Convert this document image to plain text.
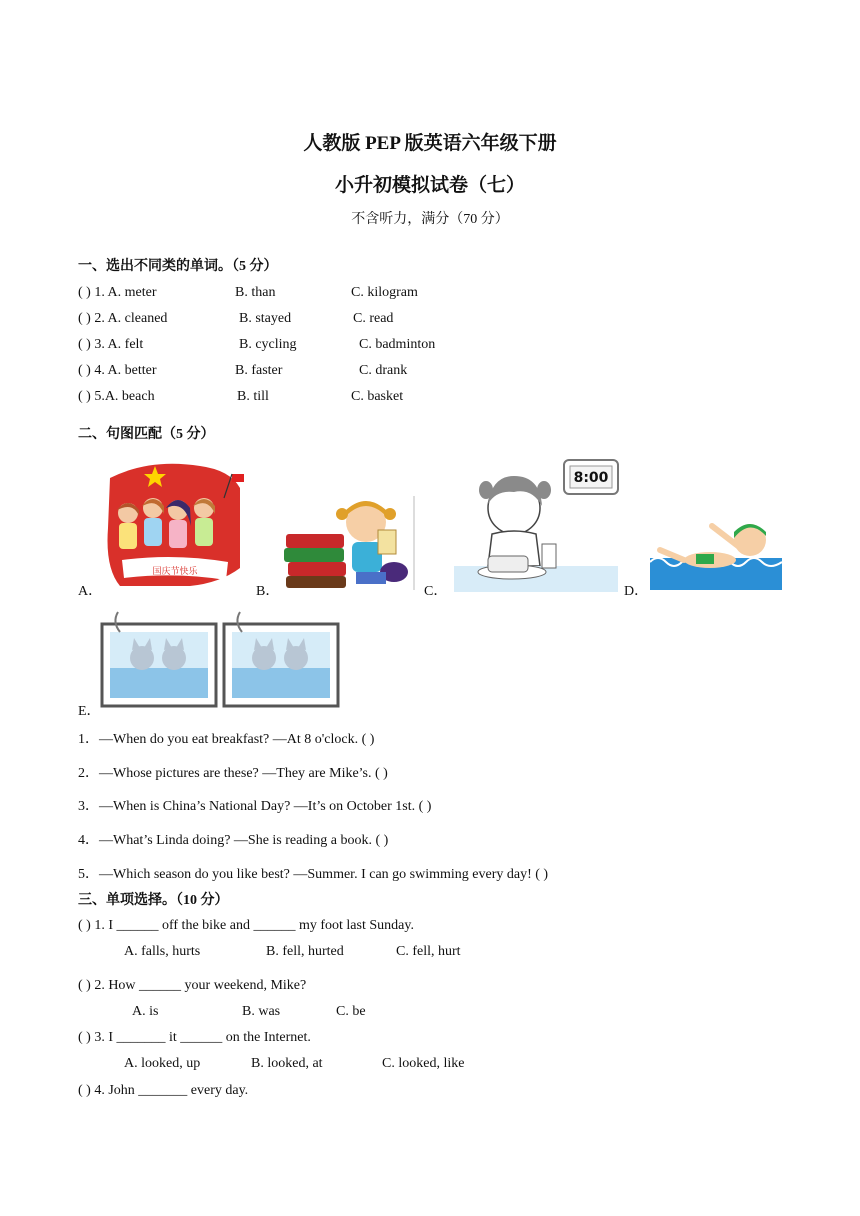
人教版 PEP 版英语六年级下册
小升初模拟试卷（七）
不含听力，满分（70 分）
一、选出不同类的单词。（5 分）
( ) 1. A. meter	B. than	C. kilogram
( ) 2. A. cleaned	B. stayed	C. read
( ) 3. A. felt	B. cycling	C. badminton
( ) 4. A. better	B. faster	C. drank
( ) 5.A. beach	B. till	C. basket
二、句图匹配（5 分）
A．
国庆节快乐
B．	C．
8:00
D．
E．
1．—When do you eat breakfast? —At 8 o'clock. ( )
2．—Whose pictures are these? —They are Mike’s. ( )
3．—When is China’s National Day? —It’s on October 1st. ( )
4．—What’s Linda doing? —She is reading a book. ( )
5．—Which season do you like best? —Summer. I can go swimming every day! ( )
三、单项选择。（10 分）
( ) 1. I ______ off the bike and ______ my foot last Sunday.
A. falls, hurts	B. fell, hurted	C. fell, hurt
( ) 2. How ______ your weekend, Mike?
A. is	B. was	C. be
( ) 3. I _______ it ______ on the Internet.
A. looked, up	B. looked, at	C. looked, like
( ) 4. John _______ every day.
